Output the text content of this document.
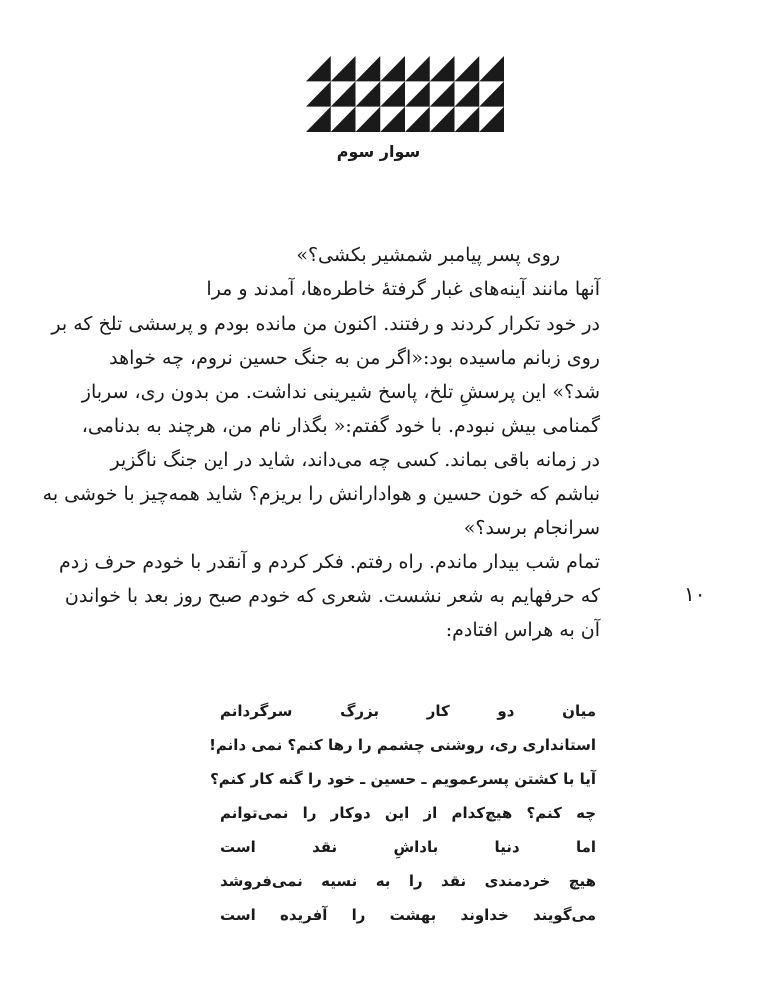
سوار سوم
روی پسر پیامبر شمشیر بکشی؟»
آنها مانند آینه‌های غبار گرفتهٔ خاطره‌ها، آمدند و مرا
در خود تکرار کردند و رفتند. اکنون من مانده بودم و پرسشی تلخ که بر
روی زبانم ماسیده بود:«اگر من به جنگ حسین نروم، چه خواهد
شد؟» این پرسشِ تلخ، پاسخ شیرینی نداشت. من بدون ری، سرباز
گمنامی بیش نبودم. با خود گفتم:« بگذار نام من، هرچند به بدنامی،
در زمانه باقی بماند. کسی چه می‌داند، شاید در این جنگ ناگزیر
نباشم که خون حسین و هوادارانش را بریزم؟ شاید همه‌چیز با خوشی به
سرانجام برسد؟»
تمام شب بیدار ماندم. راه رفتم. فکر کردم و آنقدر با خودم حرف زدم
که حرفهایم به شعر نشست. شعری که خودم صبح روز بعد با خواندن
آن به هراس افتادم:
۱۰
میان دو کار بزرگ سرگردانم
استانداری ری، روشنی چشمم را رها کنم؟ نمی دانم!
آیا با کشتن پسرعمویم ـ حسین ـ خود را گنه کار کنم؟
چه کنم؟ هیچ‌کدام از این دوکار را نمی‌توانم
اما دنیا باداشِ نقد است
هیچ خردمندی نقد را به نسیه نمی‌فروشد
می‌گویند خداوند بهشت را آفریده است
